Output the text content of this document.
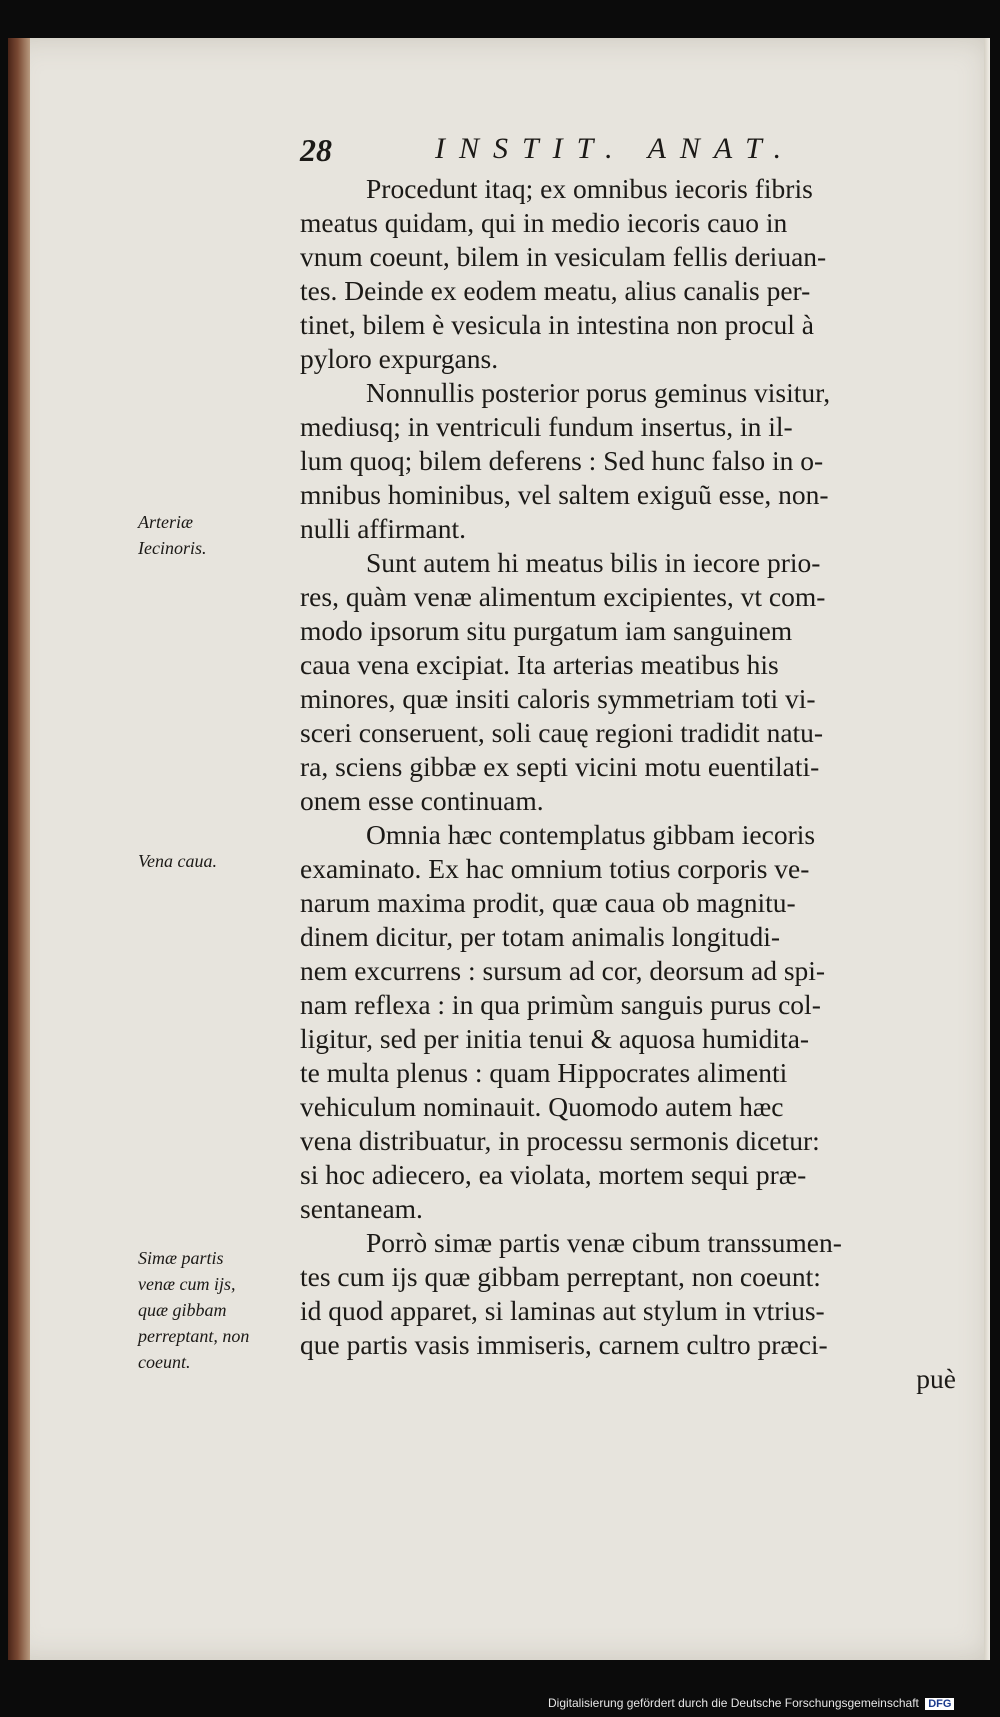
28	INSTIT. ANAT.
Arteriæ
Iecinoris.
Vena caua.
Simæ partis
venæ cum ijs,
quæ gibbam
perreptant, non
coeunt.
Procedunt itaq; ex omnibus iecoris fibris
meatus quidam, qui in medio iecoris cauo in
vnum coeunt, bilem in vesiculam fellis deriuan-
tes. Deinde ex eodem meatu, alius canalis per-
tinet, bilem è vesicula in intestina non procul à
pyloro expurgans.
Nonnullis posterior porus geminus visitur,
mediusq; in ventriculi fundum insertus, in il-
lum quoq; bilem deferens : Sed hunc falso in o-
mnibus hominibus, vel saltem exiguũ esse, non-
nulli affirmant.
Sunt autem hi meatus bilis in iecore prio-
res, quàm venæ alimentum excipientes, vt com-
modo ipsorum situ purgatum iam sanguinem
caua vena excipiat. Ita arterias meatibus his
minores, quæ insiti caloris symmetriam toti vi-
sceri conseruent, soli cauę regioni tradidit natu-
ra, sciens gibbæ ex septi vicini motu euentilati-
onem esse continuam.
Omnia hæc contemplatus gibbam iecoris
examinato. Ex hac omnium totius corporis ve-
narum maxima prodit, quæ caua ob magnitu-
dinem dicitur, per totam animalis longitudi-
nem excurrens : sursum ad cor, deorsum ad spi-
nam reflexa : in qua primùm sanguis purus col-
ligitur, sed per initia tenui & aquosa humidita-
te multa plenus : quam Hippocrates alimenti
vehiculum nominauit. Quomodo autem hæc
vena distribuatur, in processu sermonis dicetur:
si hoc adiecero, ea violata, mortem sequi præ-
sentaneam.
Porrò simæ partis venæ cibum transsumen-
tes cum ijs quæ gibbam perreptant, non coeunt:
id quod apparet, si laminas aut stylum in vtrius-
que partis vasis immiseris, carnem cultro præci-
puè
Digitalisierung gefördert durch die Deutsche Forschungsgemeinschaft DFG
